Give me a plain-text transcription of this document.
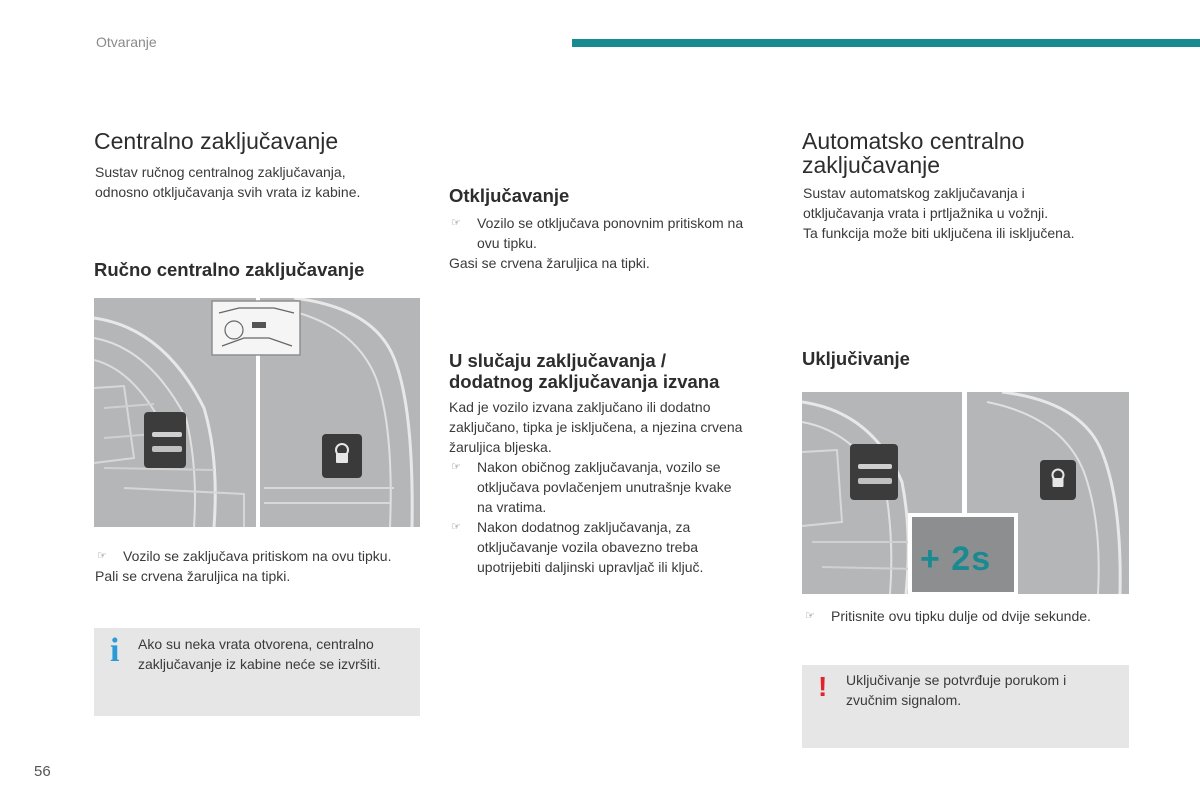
Otvaranje
Centralno zaključavanje

Sustav ručnog centralnog zaključavanja,

odnosno otključavanja svih vrata iz kabine.

Ručno centralno zaključavanje
☞ Vozilo se zaključava pritiskom na ovu tipku.

Pali se crvena žaruljica na tipki.

i Ako su neka vrata otvorena, centralno

zaključavanje iz kabine neće se izvršiti.

Otključavanje
☞ Vozilo se otključava ponovnim pritiskom na
ovu tipku.

Gasi se crvena žaruljica na tipki.

U slučaju zaključavanja /
dodatnog zaključavanja izvana

Kad je vozilo izvana zaključano ili dodatno

zaključano, tipka je isključena, a njezina crvena

žaruljica bljeska.

☞ Nakon običnog zaključavanja, vozilo se
otključava povlačenjem unutrašnje kvake
na vratima.
☞ Nakon dodatnog zaključavanja, za
otključavanje vozila obavezno treba
upotrijebiti daljinski upravljač ili ključ.
Automatsko centralno
zaključavanje

Sustav automatskog zaključavanja i

otključavanja vrata i prtljažnika u vožnji.

Ta funkcija može biti uključena ili isključena.

Uključivanje
+ 2s
☞ Pritisnite ovu tipku dulje od dvije sekunde.
! Uključivanje se potvrđuje porukom i

zvučnim signalom.

56
